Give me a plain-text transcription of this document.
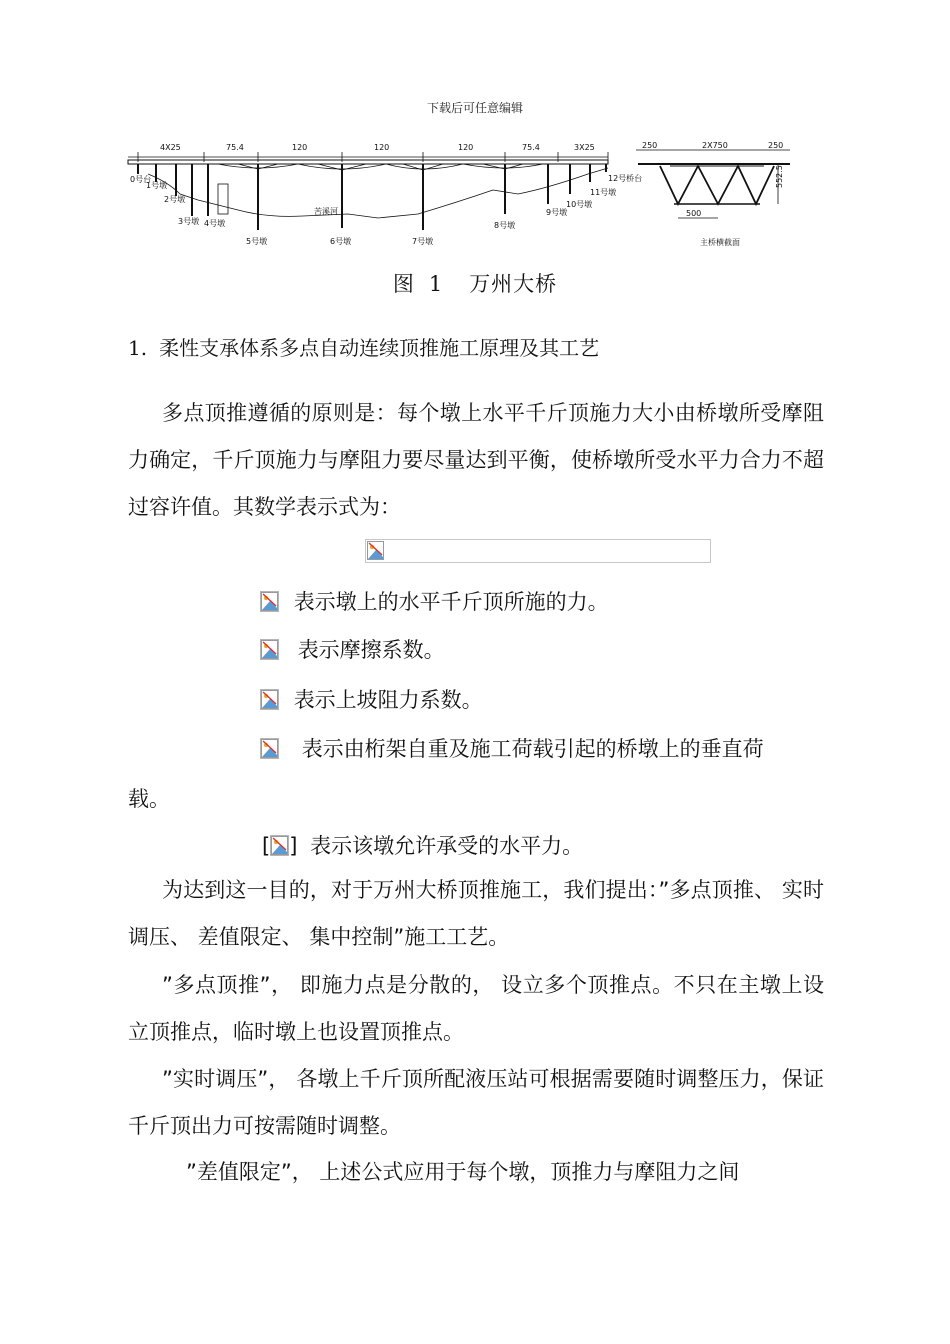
下载后可任意编辑
4X25	75.4	120	120	120	75.4	3X25
0号台
1号墩
2号墩
3号墩 4号墩
5号墩	6号墩	7号墩
8号墩
9号墩
10号墩
11号墩
12号桥台
苦溪河
250	2X750	250
552.5
500
主桥横截面
图 1 万州大桥
1. 柔性支承体系多点自动连续顶推施工原理及其工艺
多点顶推遵循的原则是：每个墩上水平千斤顶施力大小由桥墩所受摩阻力确定，千斤顶施力与摩阻力要尽量达到平衡，使桥墩所受水平力合力不超过容许值。其数学表示式为：
表示墩上的水平千斤顶所施的力。
表示摩擦系数。
表示上坡阻力系数。
表示由桁架自重及施工荷载引起的桥墩上的垂直荷
载。
[ ] 表示该墩允许承受的水平力。
为达到这一目的，对于万州大桥顶推施工，我们提出：”多点顶推、 实时调压、 差值限定、 集中控制”施工工艺。
”多点顶推”， 即施力点是分散的， 设立多个顶推点。不只在主墩上设立顶推点，临时墩上也设置顶推点。
”实时调压”， 各墩上千斤顶所配液压站可根据需要随时调整压力，保证千斤顶出力可按需随时调整。
”差值限定”， 上述公式应用于每个墩，顶推力与摩阻力之间
